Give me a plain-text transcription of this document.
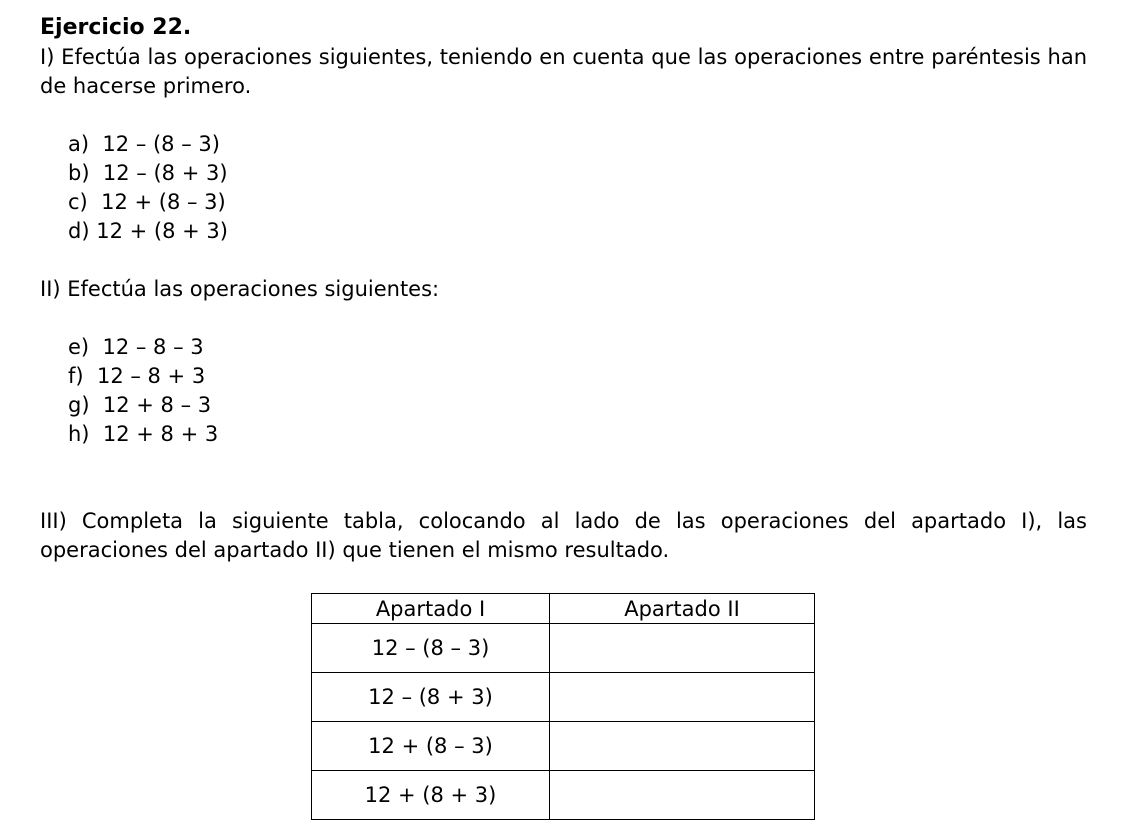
Ejercicio 22.
I) Efectúa las operaciones siguientes, teniendo en cuenta que las operaciones entre paréntesis han de hacerse primero.
a) 12 – (8 – 3)
b) 12 – (8 + 3)
c) 12 + (8 – 3)
d) 12 + (8 + 3)
II) Efectúa las operaciones siguientes:
e) 12 – 8 – 3
f) 12 – 8 + 3
g) 12 + 8 – 3
h) 12 + 8 + 3
III) Completa la siguiente tabla, colocando al lado de las operaciones del apartado I), las operaciones del apartado II) que tienen el mismo resultado.
Apartado I	Apartado II
12 – (8 – 3)	
12 – (8 + 3)	
12 + (8 – 3)	
12 + (8 + 3)	
